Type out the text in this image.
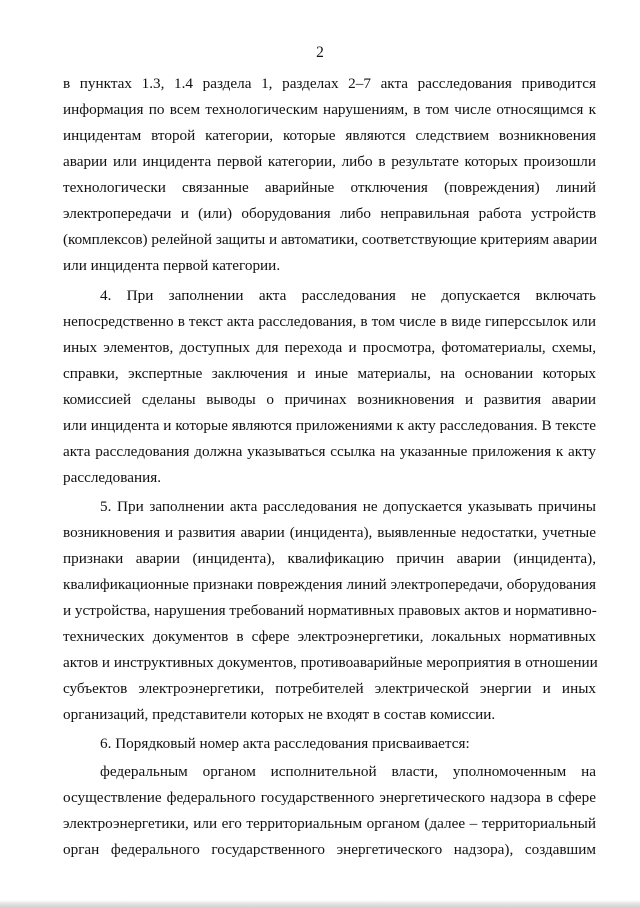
2
в пунктах 1.3, 1.4 раздела 1, разделах 2–7 акта расследования приводится
информация по всем технологическим нарушениям, в том числе относящимся к
инцидентам второй категории, которые являются следствием возникновения
аварии или инцидента первой категории, либо в результате которых произошли
технологически связанные аварийные отключения (повреждения) линий
электропередачи и (или) оборудования либо неправильная работа устройств
(комплексов) релейной защиты и автоматики, соответствующие критериям аварии
или инцидента первой категории.
4. При заполнении акта расследования не допускается включать
непосредственно в текст акта расследования, в том числе в виде гиперссылок или
иных элементов, доступных для перехода и просмотра, фотоматериалы, схемы,
справки, экспертные заключения и иные материалы, на основании которых
комиссией сделаны выводы о причинах возникновения и развития аварии
или инцидента и которые являются приложениями к акту расследования. В тексте
акта расследования должна указываться ссылка на указанные приложения к акту
расследования.
5. При заполнении акта расследования не допускается указывать причины
возникновения и развития аварии (инцидента), выявленные недостатки, учетные
признаки аварии (инцидента), квалификацию причин аварии (инцидента),
квалификационные признаки повреждения линий электропередачи, оборудования
и устройства, нарушения требований нормативных правовых актов и нормативно-
технических документов в сфере электроэнергетики, локальных нормативных
актов и инструктивных документов, противоаварийные мероприятия в отношении
субъектов электроэнергетики, потребителей электрической энергии и иных
организаций, представители которых не входят в состав комиссии.
6. Порядковый номер акта расследования присваивается:
федеральным органом исполнительной власти, уполномоченным на
осуществление федерального государственного энергетического надзора в сфере
электроэнергетики, или его территориальным органом (далее – территориальный
орган федерального государственного энергетического надзора), создавшим
